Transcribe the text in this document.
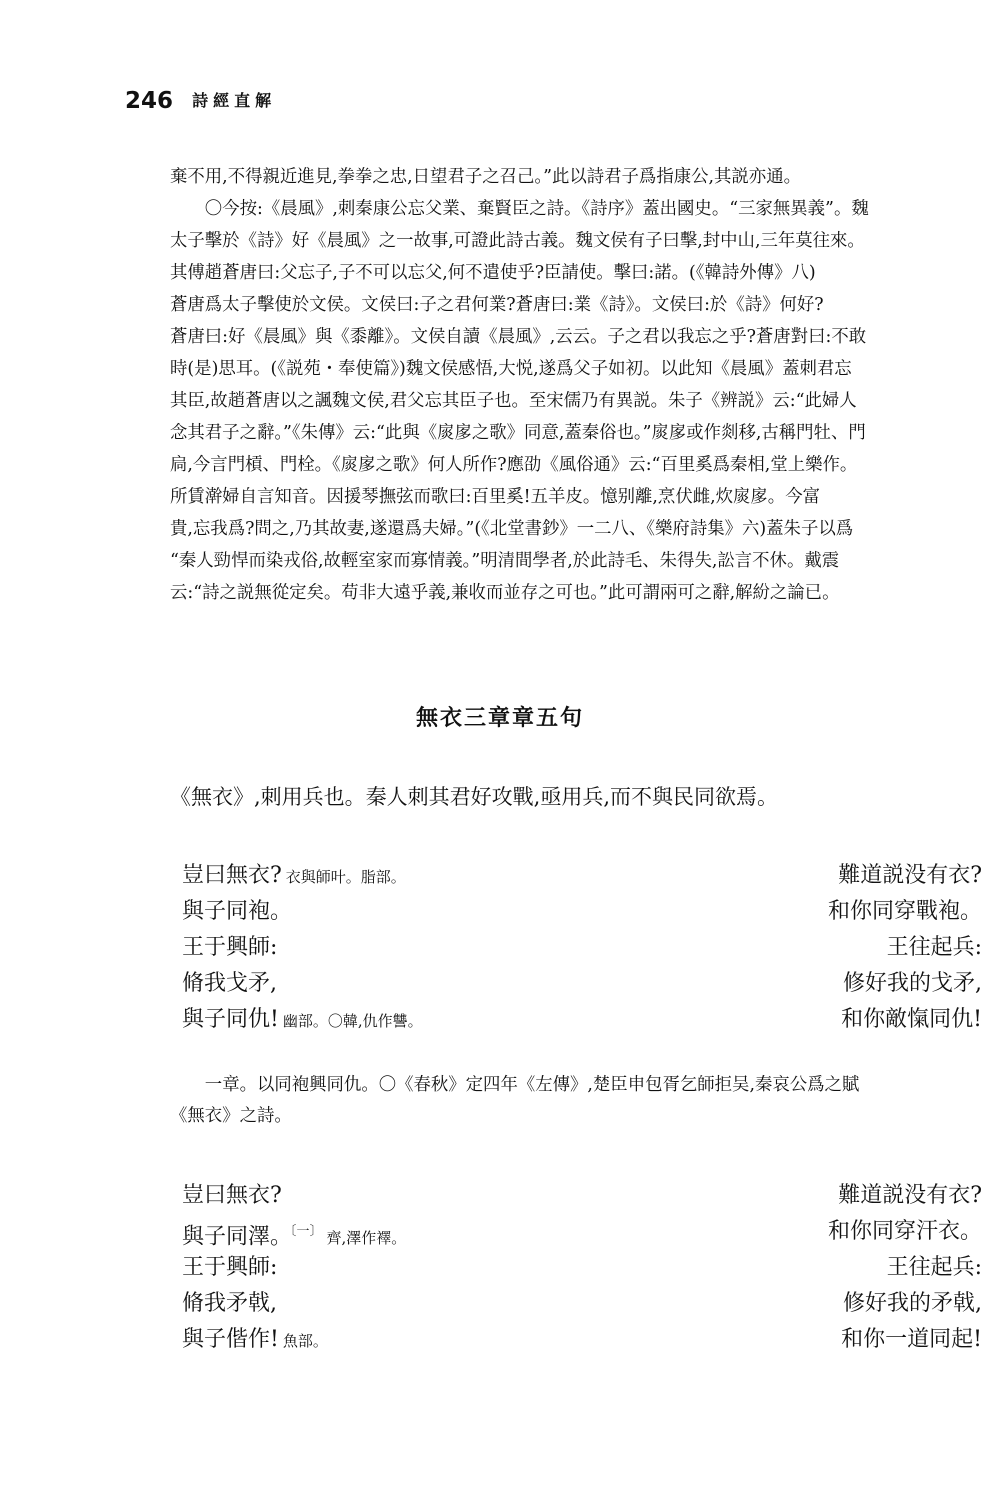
246 詩經直解

棄不用,不得親近進見,拳拳之忠,日望君子之召己。”此以詩君子爲指康公,其説亦通。

〇今按:《晨風》,刺秦康公忘父業、棄賢臣之詩。《詩序》蓋出國史。“三家無異義”。魏

太子擊於《詩》好《晨風》之一故事,可證此詩古義。魏文侯有子曰擊,封中山,三年莫往來。

其傅趙蒼唐曰:父忘子,子不可以忘父,何不遣使乎?臣請使。擊曰:諾。(《韓詩外傳》八)

蒼唐爲太子擊使於文侯。文侯曰:子之君何業?蒼唐曰:業《詩》。文侯曰:於《詩》何好?

蒼唐曰:好《晨風》與《黍離》。文侯自讀《晨風》,云云。子之君以我忘之乎?蒼唐對曰:不敢

時(是)思耳。(《説苑・奉使篇》)魏文侯感悟,大悦,遂爲父子如初。以此知《晨風》蓋刺君忘

其臣,故趙蒼唐以之諷魏文侯,君父忘其臣子也。至宋儒乃有異説。朱子《辨説》云:“此婦人

念其君子之辭。”《朱傳》云:“此與《扊扅之歌》同意,蓋秦俗也。”扊扅或作剡移,古稱門牡、門

扃,今言門槓、門栓。《扊扅之歌》何人所作?應劭《風俗通》云:“百里奚爲秦相,堂上樂作。

所賃澣婦自言知音。因援琴撫弦而歌曰:百里奚!五羊皮。憶别離,烹伏雌,炊扊扅。今富

貴,忘我爲?問之,乃其故妻,遂還爲夫婦。”(《北堂書鈔》一二八、《樂府詩集》六)蓋朱子以爲

“秦人勁悍而染戎俗,故輕室家而寡情義。”明清間學者,於此詩毛、朱得失,訟言不休。戴震

云:“詩之説無從定矣。苟非大遠乎義,兼收而並存之可也。”此可謂兩可之辭,解紛之論已。

無衣三章章五句
《無衣》,刺用兵也。秦人刺其君好攻戰,亟用兵,而不與民同欲焉。
豈曰無衣? 衣與師叶。脂部。	難道説没有衣?
與子同袍。	和你同穿戰袍。
王于興師:	王往起兵:
脩我戈矛,	修好我的戈矛,
與子同仇! 幽部。〇韓,仇作讐。	和你敵愾同仇!

一章。以同袍興同仇。〇《春秋》定四年《左傳》,楚臣申包胥乞師拒吴,秦哀公爲之賦

《無衣》之詩。

豈曰無衣?	難道説没有衣?
與子同澤。$^{〔一〕}$ 齊,澤作襗。	和你同穿汗衣。
王于興師:	王往起兵:
脩我矛戟,	修好我的矛戟,
與子偕作! 魚部。	和你一道同起!
